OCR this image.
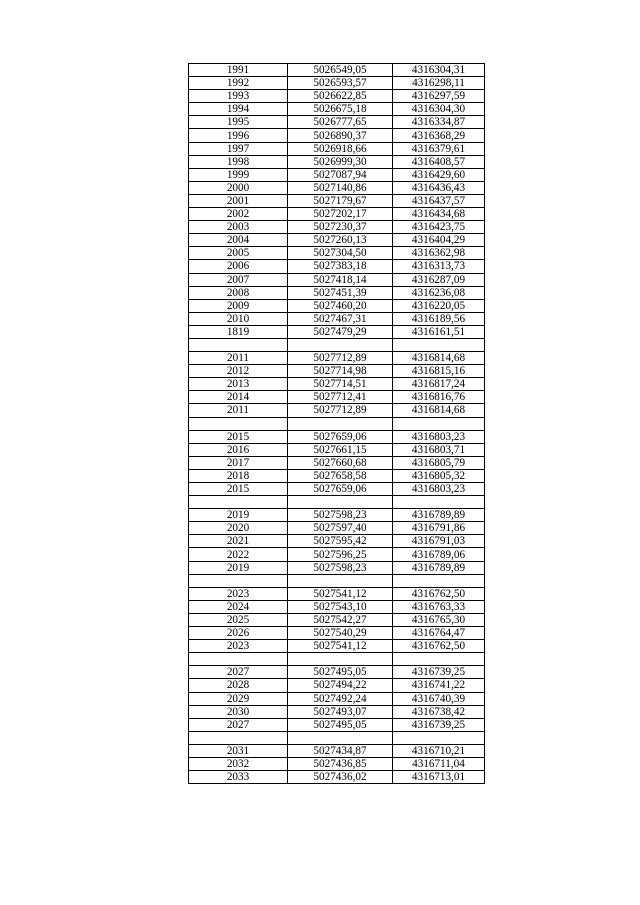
1991	5026549,05	4316304,31
1992	5026593,57	4316298,11
1993	5026622,85	4316297,59
1994	5026675,18	4316304,30
1995	5026777,65	4316334,87
1996	5026890,37	4316368,29
1997	5026918,66	4316379,61
1998	5026999,30	4316408,57
1999	5027087,94	4316429,60
2000	5027140,86	4316436,43
2001	5027179,67	4316437,57
2002	5027202,17	4316434,68
2003	5027230,37	4316423,75
2004	5027260,13	4316404,29
2005	5027304,50	4316362,98
2006	5027383,18	4316313,73
2007	5027418,14	4316287,09
2008	5027451,39	4316236,08
2009	5027460,20	4316220,05
2010	5027467,31	4316189,56
1819	5027479,29	4316161,51

2011	5027712,89	4316814,68
2012	5027714,98	4316815,16
2013	5027714,51	4316817,24
2014	5027712,41	4316816,76
2011	5027712,89	4316814,68

2015	5027659,06	4316803,23
2016	5027661,15	4316803,71
2017	5027660,68	4316805,79
2018	5027658,58	4316805,32
2015	5027659,06	4316803,23

2019	5027598,23	4316789,89
2020	5027597,40	4316791,86
2021	5027595,42	4316791,03
2022	5027596,25	4316789,06
2019	5027598,23	4316789,89

2023	5027541,12	4316762,50
2024	5027543,10	4316763,33
2025	5027542,27	4316765,30
2026	5027540,29	4316764,47
2023	5027541,12	4316762,50

2027	5027495,05	4316739,25
2028	5027494,22	4316741,22
2029	5027492,24	4316740,39
2030	5027493,07	4316738,42
2027	5027495,05	4316739,25

2031	5027434,87	4316710,21
2032	5027436,85	4316711,04
2033	5027436,02	4316713,01
